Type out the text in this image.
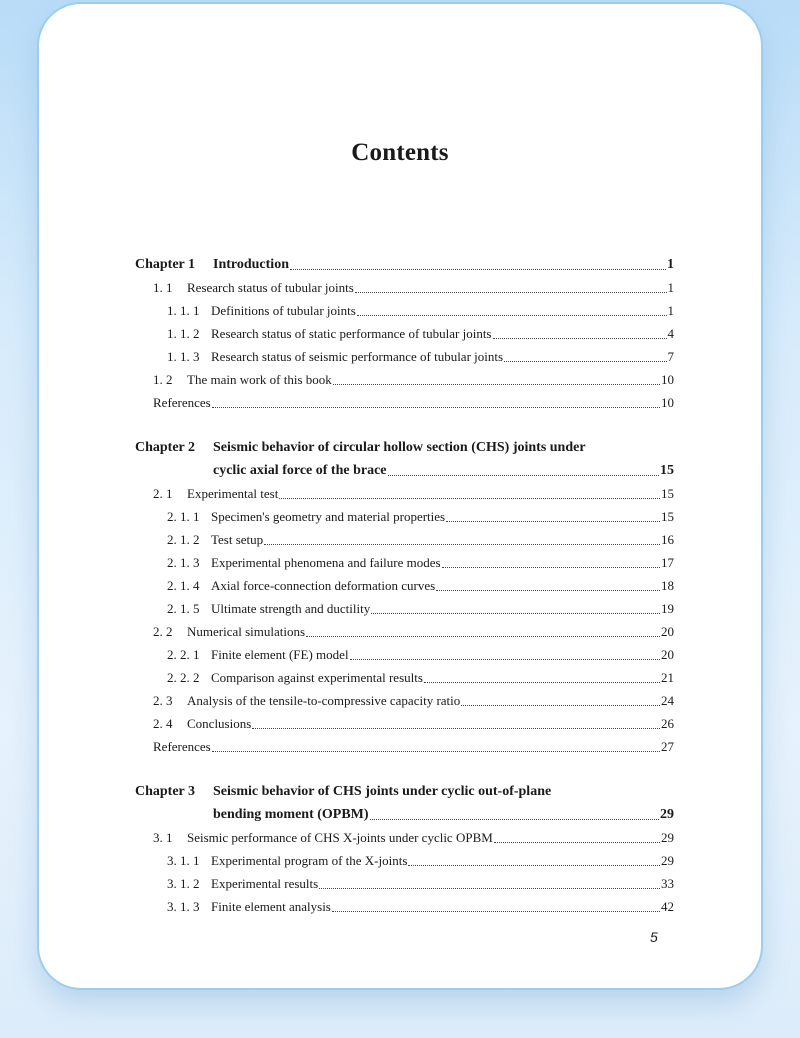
Contents
Chapter 1 Introduction	1
1. 1 Research status of tubular joints	1
1. 1. 1 Definitions of tubular joints	1
1. 1. 2 Research status of static performance of tubular joints	4
1. 1. 3 Research status of seismic performance of tubular joints	7
1. 2 The main work of this book	10
References	10
Chapter 2 Seismic behavior of circular hollow section (CHS) joints under
cyclic axial force of the brace	15
2. 1 Experimental test	15
2. 1. 1 Specimen's geometry and material properties	15
2. 1. 2 Test setup	16
2. 1. 3 Experimental phenomena and failure modes	17
2. 1. 4 Axial force-connection deformation curves	18
2. 1. 5 Ultimate strength and ductility	19
2. 2 Numerical simulations	20
2. 2. 1 Finite element (FE) model	20
2. 2. 2 Comparison against experimental results	21
2. 3 Analysis of the tensile-to-compressive capacity ratio	24
2. 4 Conclusions	26
References	27
Chapter 3 Seismic behavior of CHS joints under cyclic out-of-plane
bending moment (OPBM)	29
3. 1 Seismic performance of CHS X-joints under cyclic OPBM	29
3. 1. 1 Experimental program of the X-joints	29
3. 1. 2 Experimental results	33
3. 1. 3 Finite element analysis	42
5
